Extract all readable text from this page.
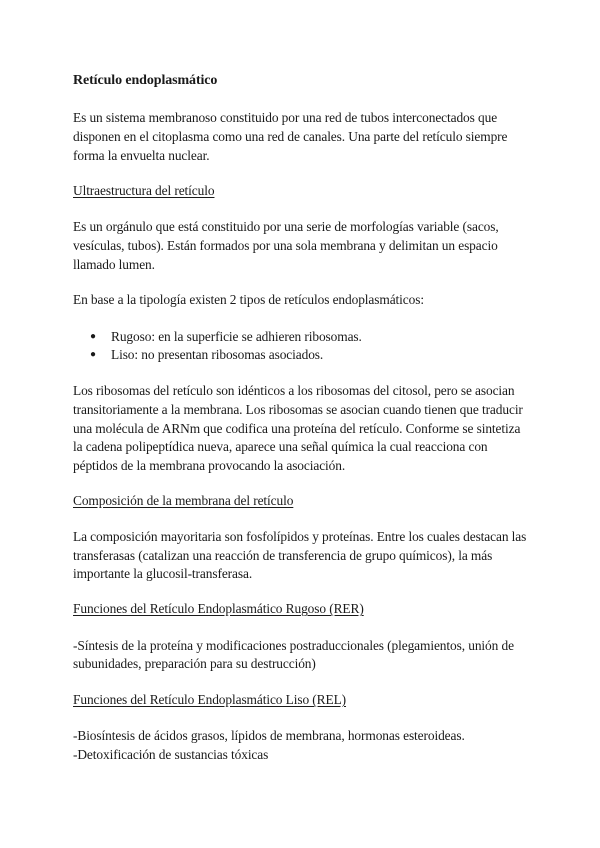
Retículo endoplasmático
Es un sistema membranoso constituido por una red de tubos interconectados que
disponen en el citoplasma como una red de canales. Una parte del retículo siempre
forma la envuelta nuclear.
Ultraestructura del retículo
Es un orgánulo que está constituido por una serie de morfologías variable (sacos,
vesículas, tubos). Están formados por una sola membrana y delimitan un espacio
llamado lumen.
En base a la tipología existen 2 tipos de retículos endoplasmáticos:
● Rugoso: en la superficie se adhieren ribosomas.
● Liso: no presentan ribosomas asociados.
Los ribosomas del retículo son idénticos a los ribosomas del citosol, pero se asocian
transitoriamente a la membrana. Los ribosomas se asocian cuando tienen que traducir
una molécula de ARNm que codifica una proteína del retículo. Conforme se sintetiza
la cadena polipeptídica nueva, aparece una señal química la cual reacciona con
péptidos de la membrana provocando la asociación.
Composición de la membrana del retículo
La composición mayoritaria son fosfolípidos y proteínas. Entre los cuales destacan las
transferasas (catalizan una reacción de transferencia de grupo químicos), la más
importante la glucosil-transferasa.
Funciones del Retículo Endoplasmático Rugoso (RER)
-Síntesis de la proteína y modificaciones postraduccionales (plegamientos, unión de
subunidades, preparación para su destrucción)
Funciones del Retículo Endoplasmático Liso (REL)
-Biosíntesis de ácidos grasos, lípidos de membrana, hormonas esteroideas.
-Detoxificación de sustancias tóxicas
